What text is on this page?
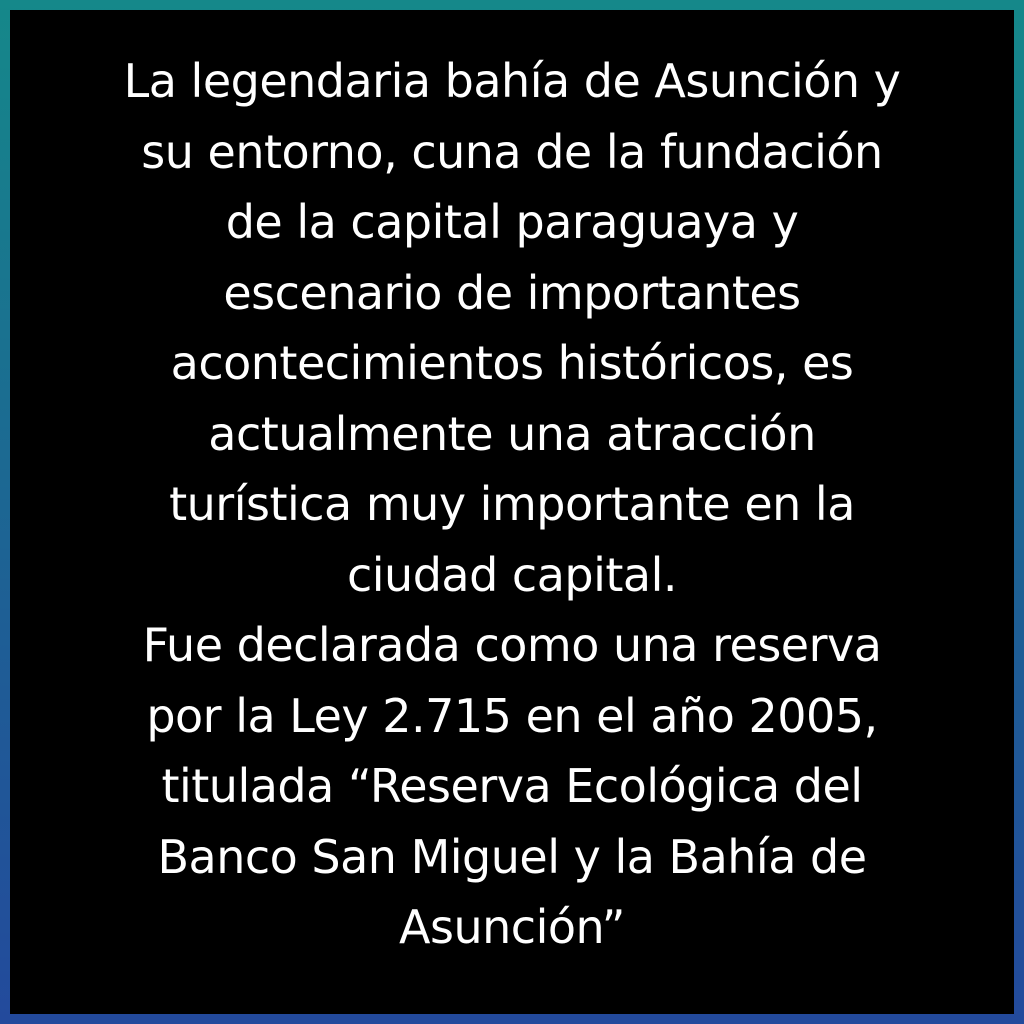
La legendaria bahía de Asunción y
su entorno, cuna de la fundación
de la capital paraguaya y
escenario de importantes
acontecimientos históricos, es
actualmente una atracción
turística muy importante en la
ciudad capital.
Fue declarada como una reserva
por la Ley 2.715 en el año 2005,
titulada “Reserva Ecológica del
Banco San Miguel y la Bahía de
Asunción”
